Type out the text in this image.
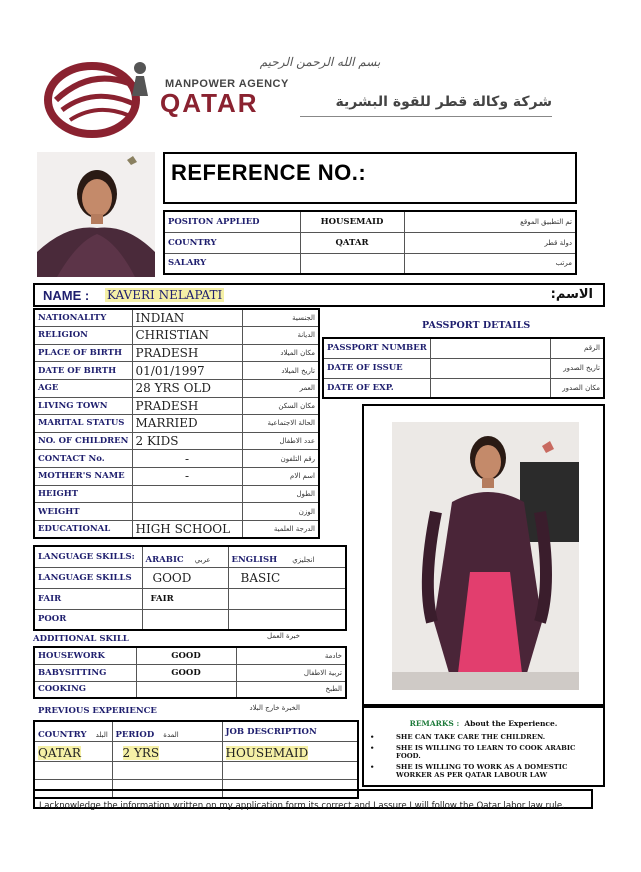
بسم الله الرحمن الرحيم
MANPOWER AGENCY
QATAR	شركة وكالة قطر للقوة البشرية
REFERENCE NO.:
POSITON APPLIED	HOUSEMAID	تم التطبيق الموقع
COUNTRY	QATAR	دولة قطر
SALARY		مرتب
NAME : KAVERI NELAPATI	الاسم:
NATIONALITY	INDIAN	الجنسية
RELIGION	CHRISTIAN	الديانة
PLACE OF BIRTH	PRADESH	مكان الميلاد
DATE OF BIRTH	01/01/1997	تاريخ الميلاد
AGE	28 YRS OLD	العمر
LIVING TOWN	PRADESH	مكان السكن
MARITAL STATUS	MARRIED	الحالة الاجتماعية
NO. OF CHILDREN	2 KIDS	عدد الاطفال
CONTACT No.	-	رقم التلفون
MOTHER'S NAME	-	اسم الام
HEIGHT		الطول
WEIGHT		الوزن
EDUCATIONAL	HIGH SCHOOL	الدرجة العلمية
PASSPORT DETAILS
PASSPORT NUMBER		الرقم
DATE OF ISSUE		تاريخ الصدور
DATE OF EXP.		مكان الصدور
LANGUAGE SKILLS:	ARABIC عربي	ENGLISH انجليزي
LANGUAGE SKILLS	GOOD	BASIC
FAIR	FAIR	
POOR		
ADDITIONAL SKILL	خبرة العمل
HOUSEWORK	GOOD	خادمة
BABYSITTING	GOOD	تربية الاطفال
COOKING		الطبخ
PREVIOUS EXPERIENCE	الخبرة خارج البلاد
COUNTRY البلد	PERIOD المدة	JOB DESCRIPTION
QATAR	2 YRS	HOUSEMAID

REMARKS : About the Experience.
•	SHE CAN TAKE CARE THE CHILDREN.
•	SHE IS WILLING TO LEARN TO COOK ARABIC FOOD.
•	SHE IS WILLING TO WORK AS A DOMESTIC WORKER AS PER QATAR LABOUR LAW
I acknowledge the information written on my application form its correct and I assure I will follow the Qatar labor law rule.
